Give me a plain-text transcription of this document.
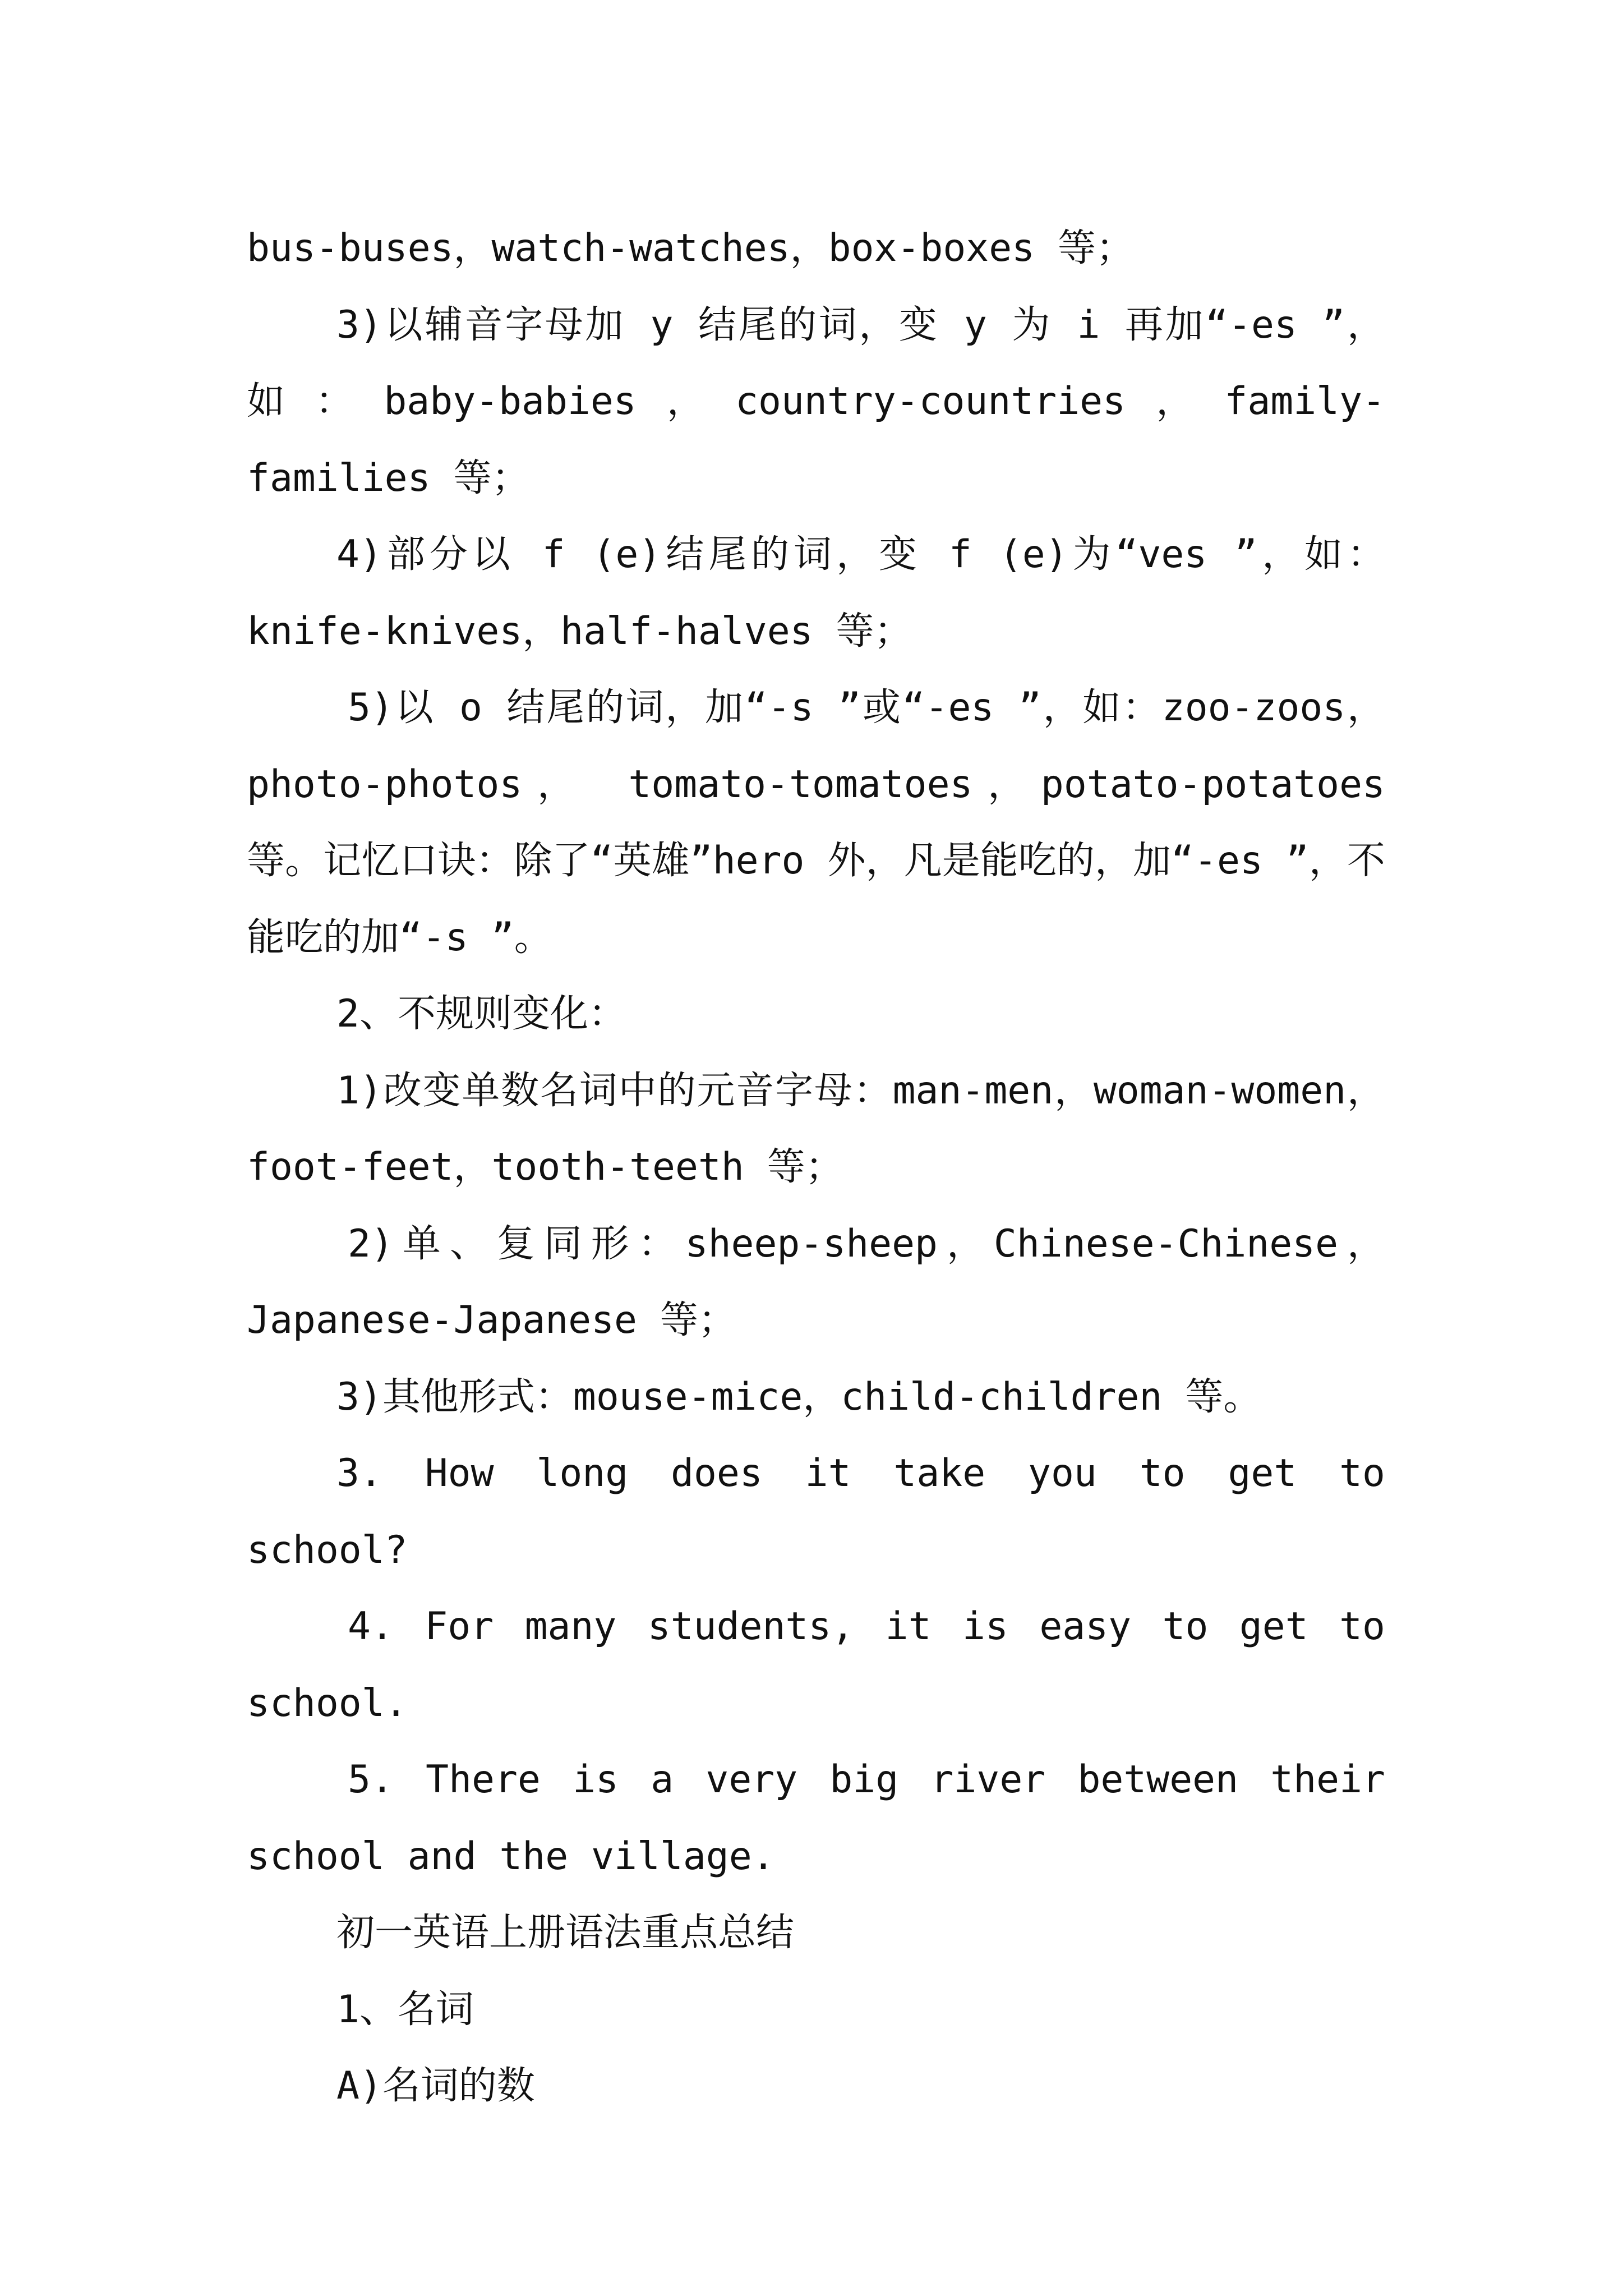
bus-buses，watch-watches，box-boxes 等；

3)以辅音字母加 y 结尾的词，变 y 为 i 再加“-es ”，如：baby-babies，country-countries，family-families 等；

4)部分以 f (e)结尾的词，变 f (e)为“ves ”，如：knife-knives，half-halves 等；

5)以 o 结尾的词，加“-s ”或“-es ”，如：zoo-zoos， photo-photos， tomato-tomatoes，potato-potatoes 等。记忆口诀：除了“英雄”hero 外，凡是能吃的，加“-es ”，不能吃的加“-s ”。

2、不规则变化：

1)改变单数名词中的元音字母：man-men，woman-women，foot-feet，tooth-teeth 等；

2)单、复同形：sheep-sheep，Chinese-Chinese，Japanese-Japanese 等；

3)其他形式：mouse-mice，child-children 等。

3. How long does it take you to get to school?

4. For many students, it is easy to get to school.

5. There is a very big river between their school and the village.

初一英语上册语法重点总结

1、名词

A)名词的数
